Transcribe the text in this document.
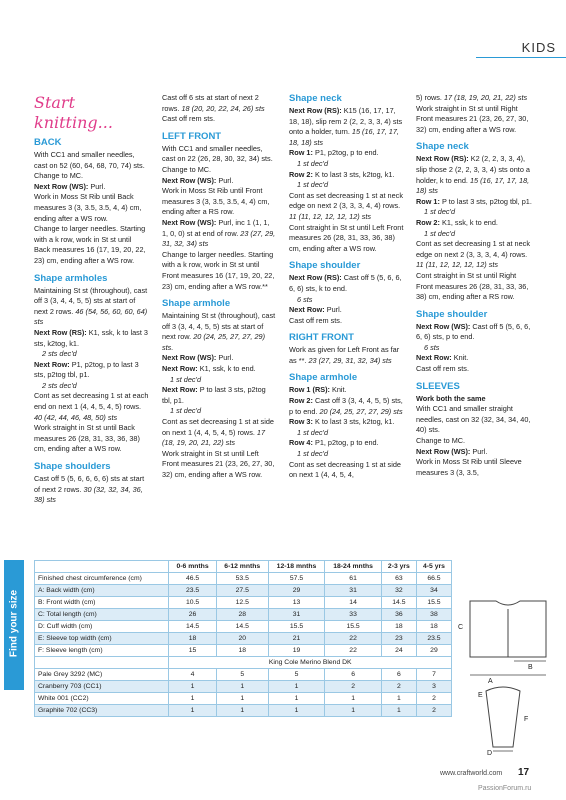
KIDS
Start knitting...
BACK

With CC1 and smaller needles, cast on 52 (60, 64, 68, 70, 74) sts.

Change to MC.

Next Row (WS): Purl.

Work in Moss St Rib until Back measures 3 (3, 3.5, 3.5, 4, 4) cm, ending after a WS row.

Change to larger needles. Starting with a k row, work in St st until Back measures 16 (17, 19, 20, 22, 23) cm, ending after a WS row.

Shape armholes

Maintaining St st (throughout), cast off 3 (3, 4, 4, 5, 5) sts at start of next 2 rows. 46 (54, 56, 60, 60, 64) sts

Next Row (RS): K1, ssk, k to last 3 sts, k2tog, k1.

2 sts dec'd

Next Row: P1, p2tog, p to last 3 sts, p2tog tbl, p1.

2 sts dec'd

Cont as set decreasing 1 st at each end on next 1 (4, 4, 5, 4, 5) rows. 40 (42, 44, 46, 48, 50) sts

Work straight in St st until Back measures 26 (28, 31, 33, 36, 38) cm, ending after a WS row.

Shape shoulders

Cast off 5 (5, 6, 6, 6, 6) sts at start of next 2 rows. 30 (32, 32, 34, 36, 38) sts

Cast off 6 sts at start of next 2 rows. 18 (20, 20, 22, 24, 26) sts

Cast off rem sts.

LEFT FRONT

With CC1 and smaller needles, cast on 22 (26, 28, 30, 32, 34) sts. Change to MC.

Next Row (WS): Purl.

Work in Moss St Rib until Front measures 3 (3, 3.5, 3.5, 4, 4) cm, ending after a RS row.

Next Row (WS): Purl, inc 1 (1, 1, 1, 0, 0) st at end of row. 23 (27, 29, 31, 32, 34) sts

Change to larger needles. Starting with a k row, work in St st until Front measures 16 (17, 19, 20, 22, 23) cm, ending after a WS row.**

Shape armhole

Maintaining St st (throughout), cast off 3 (3, 4, 4, 5, 5) sts at start of next row. 20 (24, 25, 27, 27, 29) sts.

Next Row (WS): Purl.

Next Row: K1, ssk, k to end.

1 st dec'd

Next Row: P to last 3 sts, p2tog tbl, p1.

1 st dec'd

Cont as set decreasing 1 st at side on next 1 (4, 4, 5, 4, 5) rows. 17 (18, 19, 20, 21, 22) sts

Work straight in St st until Left Front measures 21 (23, 26, 27, 30, 32) cm, ending after a WS row.

Shape neck

Next Row (RS): K15 (16, 17, 17, 18, 18), slip rem 2 (2, 2, 3, 3, 4) sts onto a holder, turn. 15 (16, 17, 17, 18, 18) sts

Row 1: P1, p2tog, p to end.

1 st dec'd

Row 2: K to last 3 sts, k2tog, k1.

1 st dec'd

Cont as set decreasing 1 st at neck edge on next 2 (3, 3, 3, 4, 4) rows. 11 (11, 12, 12, 12, 12) sts

Cont straight in St st until Left Front measures 26 (28, 31, 33, 36, 38) cm, ending after a WS row.

Shape shoulder

Next Row (RS): Cast off 5 (5, 6, 6, 6, 6) sts, k to end.

6 sts

Next Row: Purl.

Cast off rem sts.

RIGHT FRONT

Work as given for Left Front as far as **. 23 (27, 29, 31, 32, 34) sts

Shape armhole

Row 1 (RS): Knit.

Row 2: Cast off 3 (3, 4, 4, 5, 5) sts, p to end. 20 (24, 25, 27, 27, 29) sts

Row 3: K to last 3 sts, k2tog, k1.

1 st dec'd

Row 4: P1, p2tog, p to end.

1 st dec'd

Cont as set decreasing 1 st at side on next 1 (4, 4, 5, 4,

5) rows. 17 (18, 19, 20, 21, 22) sts

Work straight in St st until Right Front measures 21 (23, 26, 27, 30, 32) cm, ending after a WS row.

Shape neck

Next Row (RS): K2 (2, 2, 3, 3, 4), slip those 2 (2, 2, 3, 3, 4) sts onto a holder, k to end. 15 (16, 17, 17, 18, 18) sts

Row 1: P to last 3 sts, p2tog tbl, p1.

1 st dec'd

Row 2: K1, ssk, k to end.

1 st dec'd

Cont as set decreasing 1 st at neck edge on next 2 (3, 3, 3, 4, 4) rows. 11 (11, 12, 12, 12, 12) sts

Cont straight in St st until Right Front measures 26 (28, 31, 33, 36, 38) cm, ending after a RS row.

Shape shoulder

Next Row (WS): Cast off 5 (5, 6, 6, 6, 6) sts, p to end.

6 sts

Next Row: Knit.

Cast off rem sts.

SLEEVES

Work both the same

With CC1 and smaller straight needles, cast on 32 (32, 34, 34, 40, 40) sts.

Change to MC.

Next Row (WS): Purl.

Work in Moss St Rib until Sleeve measures 3 (3, 3.5,

Find your size
	0-6 mnths	6-12 mnths	12-18 mnths	18-24 mnths	2-3 yrs	4-5 yrs
Finished chest circumference (cm)	46.5	53.5	57.5	61	63	66.5
A: Back width (cm)	23.5	27.5	29	31	32	34
B: Front width (cm)	10.5	12.5	13	14	14.5	15.5
C: Total length (cm)	26	28	31	33	36	38
D: Cuff width (cm)	14.5	14.5	15.5	15.5	18	18
E: Sleeve top width (cm)	18	20	21	22	23	23.5
F: Sleeve length (cm)	15	18	19	22	24	29
	King Cole Merino Blend DK					
Pale Grey 3292 (MC)	4	5	5	6	6	7
Cranberry 703 (CC1)	1	1	1	2	2	3
White 001 (CC2)	1	1	1	1	1	2
Graphite 702 (CC3)	1	1	1	1	1	2
C
B
A
E
F
D
www.craftworld.com 17
PassionForum.ru
